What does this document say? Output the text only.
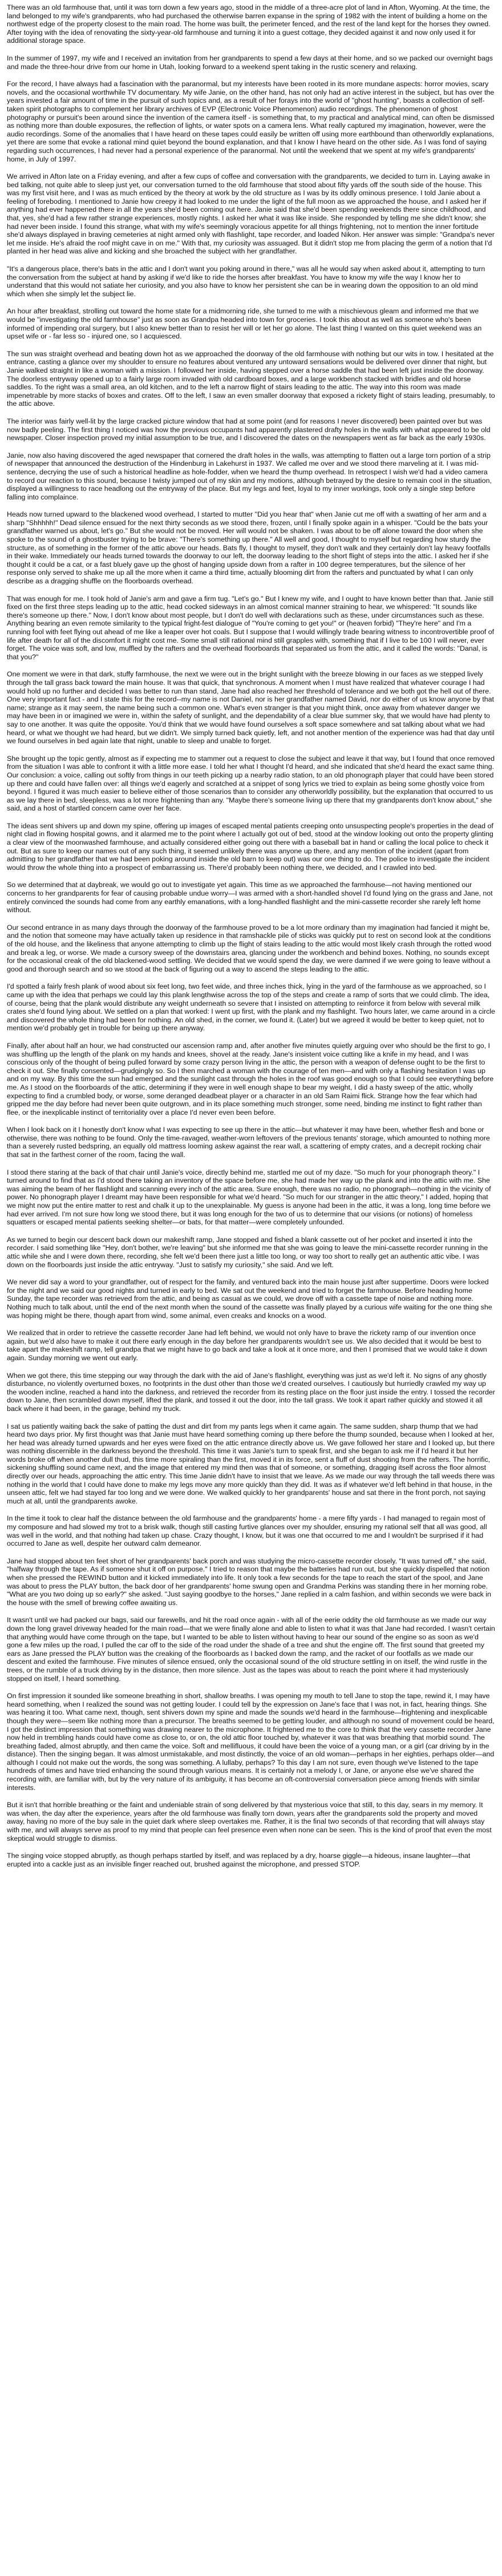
There was an old farmhouse that, until it was torn down a few years ago, stood in the middle of a three-acre plot of land in Afton, Wyoming. At the time, the land belonged to my wife's grandparents, who had purchased the otherwise barren expanse in the spring of 1982 with the intent of building a home on the northwest edge of the property closest to the main road. The home was built, the perimeter fenced, and the rest of the land kept for the horses they owned. After toying with the idea of renovating the sixty-year-old farmhouse and turning it into a guest cottage, they decided against it and now only used it for additional storage space.

In the summer of 1997, my wife and I received an invitation from her grandparents to spend a few days at their home, and so we packed our overnight bags and made the three-hour drive from our home in Utah, looking forward to a weekend spent taking in the rustic scenery and relaxing.

For the record, I have always had a fascination with the paranormal, but my interests have been rooted in its more mundane aspects: horror movies, scary novels, and the occasional worthwhile TV documentary. My wife Janie, on the other hand, has not only had an active interest in the subject, but has over the years invested a fair amount of time in the pursuit of such topics and, as a result of her forays into the world of "ghost hunting", boasts a collection of self-taken spirit photographs to complement her library archives of EVP (Electronic Voice Phenomenon) audio recordings. The phenomenon of ghost photography or pursuit's been around since the invention of the camera itself - is something that, to my practical and analytical mind, can often be dismissed as nothing more than double exposures, the reflection of lights, or water spots on a camera lens. What really captured my imagination, however, were the audio recordings. Some of the anomalies that I have heard on these tapes could easily be written off using more earthbound than otherworldly explanations, yet there are some that evoke a rational mind quiet beyond the bound explanation, and that I know I have heard on the other side. As I was fond of saying regarding such occurrences, I had never had a personal experience of the paranormal. Not until the weekend that we spent at my wife's grandparents' home, in July of 1997.

We arrived in Afton late on a Friday evening, and after a few cups of coffee and conversation with the grandparents, we decided to turn in. Laying awake in bed talking, not quite able to sleep just yet, our conversation turned to the old farmhouse that stood about fifty yards off the south side of the house. This was my first visit here, and I was as much enticed by the theory at work by the old structure as I was by its oddly ominous presence. I told Janie about a feeling of foreboding. I mentioned to Janie how creepy it had looked to me under the light of the full moon as we approached the house, and I asked her if anything had ever happened there in all the years she'd been coming out here. Janie said that she'd been spending weekends there since childhood, and that, yes, she'd had a few rather strange experiences, mostly nights. I asked her what it was like inside. She responded by telling me she didn't know; she had never been inside. I found this strange, what with my wife's seemingly voracious appetite for all things frightening, not to mention the inner fortitude she'd always displayed in braving cemeteries at night armed only with flashlight, tape recorder, and loaded Nikon. Her answer was simple: "Grandpa's never let me inside. He's afraid the roof might cave in on me." With that, my curiosity was assuaged. But it didn't stop me from placing the germ of a notion that I'd planted in her head was alive and kicking and she broached the subject with her grandfather.

"It's a dangerous place, there's bats in the attic and I don't want you poking around in there," was all he would say when asked about it, attempting to turn the conversation from the subject at hand by asking if we'd like to ride the horses after breakfast. You have to know my wife the way I know her to understand that this would not satiate her curiosity, and you also have to know her persistent she can be in wearing down the opposition to an old mind which when she simply let the subject lie.

An hour after breakfast, strolling out toward the home state for a midmorning ride, she turned to me with a mischievous gleam and informed me that we would be "investigating the old farmhouse" just as soon as Grandpa headed into town for groceries. I took this about as well as someone who's been informed of impending oral surgery, but I also knew better than to resist her will or let her go alone. The last thing I wanted on this quiet weekend was an upset wife or - far less so - injured one, so I acquiesced.

The sun was straight overhead and beating down hot as we approached the doorway of the old farmhouse with nothing but our wits in tow. I hesitated at the entrance, casting a glance over my shoulder to ensure no features about ventured any untoward sensations would be delivered over dinner that night, but Janie walked straight in like a woman with a mission. I followed her inside, having stepped over a horse saddle that had been left just inside the doorway. The doorless entryway opened up to a fairly large room invaded with old cardboard boxes, and a large workbench stacked with bridles and old horse saddles. To the right was a small area, an old kitchen, and to the left a narrow flight of stairs leading to the attic. The way into this room was made impenetrable by more stacks of boxes and crates. Off to the left, I saw an even smaller doorway that exposed a rickety flight of stairs leading, presumably, to the attic above.

The interior was fairly well-lit by the large cracked picture window that had at some point (and for reasons I never discovered) been painted over but was now badly peeling. The first thing I noticed was how the previous occupants had apparently plastered drafty holes in the walls with what appeared to be old newspaper. Closer inspection proved my initial assumption to be true, and I discovered the dates on the newspapers went as far back as the early 1930s.

Janie, now also having discovered the aged newspaper that cornered the draft holes in the walls, was attempting to flatten out a large torn portion of a strip of newspaper that announced the destruction of the Hindenburg in Lakehurst in 1937. We called me over and we stood there marveling at it. I was mid-sentence, decrying the use of such a historical headline as hole-fodder, when we heard the thump overhead. In retrospect I wish we'd had a video camera to record our reaction to this sound, because I twisty jumped out of my skin and my motions, although betrayed by the desire to remain cool in the situation, displayed a willingness to race headlong out the entryway of the place. But my legs and feet, loyal to my inner workings, took only a single step before falling into complaince.

Heads now turned upward to the blackened wood overhead, I started to mutter "Did you hear that" when Janie cut me off with a swatting of her arm and a sharp "Shhhhh!" Dead silence ensued for the next thirty seconds as we stood there, frozen, until I finally spoke again in a whisper. "Could be the bats your grandfather warned us about, let's go." But she would not be moved. Her will would not be shaken. I was about to be off alone toward the door when she spoke to the sound of a ghostbuster trying to be brave: "There's something up there." All well and good, I thought to myself but regarding how sturdy the structure, as of something in the former of the attic above our heads. Bats fly, I thought to myself, they don't walk and they certainly don't lay heavy footfalls in their wake. Immediately our heads turned towards the doorway to our left, the doorway leading to the short flight of steps into the attic. I asked her if she thought it could be a cat, or a fast bluely gave up the ghost of hanging upside down from a rafter in 100 degree temperatures, but the silence of her response only served to shake me up all the more when it came a third time, actually blooming dirt from the rafters and punctuated by what I can only describe as a dragging shuffle on the floorboards overhead.

That was enough for me. I took hold of Janie's arm and gave a firm tug. "Let's go." But I knew my wife, and I ought to have known better than that. Janie still fixed on the first three steps leading up to the attic, head cocked sideways in an almost comical manner straining to hear, we whispered: "It sounds like there's someone up there." Now, I don't know about most people, but I don't do well with declarations such as these, under circumstances such as these. Anything bearing an even remote similarity to the typical fright-fest dialogue of "You're coming to get you!" or (heaven forbid) "They're here" and I'm a running fool with feet flying out ahead of me like a leaper over hot coals. But I suppose that I would willingly trade bearing witness to incontrovertible proof of life after death for all of the discomfort it might cost me. Some small still rational mind still grapples with, something that if I live to be 100 I will never, ever forget. The voice was soft, and low, muffled by the rafters and the overhead floorboards that separated us from the attic, and it called the words: "Danal, is that you?"

One moment we were in that dark, stuffy farmhouse, the next we were out in the bright sunlight with the breeze blowing in our faces as we stepped lively through the tall grass back toward the main house. It was that quick, that synchronous. A moment when I must have realized that whatever courage I had would hold up no further and decided I was better to run than stand, Jane had also reached her threshold of tolerance and we both got the hell out of there. One very important fact - and I state this for the record--my name is not Daniel, nor is her grandfather named David, nor do either of us know anyone by that name; strange as it may seem, the name being such a common one. What's even stranger is that you might think, once away from whatever danger we may have been in or imagined we were in, within the safety of sunlight, and the dependability of a clear blue summer sky, that we would have had plenty to say to one another. It was quite the opposite. You'd think that we would have found ourselves a soft space somewhere and sat talking about what we had heard, or what we thought we had heard, but we didn't. We simply turned back quietly, left, and not another mention of the experience was had that day until we found ourselves in bed again late that night, unable to sleep and unable to forget.

She brought up the topic gently, almost as if expecting me to stammer out a request to close the subject and leave it that way, but I found that once removed from the situation I was able to confront it with a little more ease. I told her what I thought I'd heard, and she indicated that she'd heard the exact same thing. Our conclusion: a voice, calling out softly from things in our teeth picking up a nearby radio station, to an old phonograph player that could have been stored up there and could have fallen over: all things we'd eagerly and scratched at a snippet of song lyrics we tried to explain as being some ghostly voice from beyond. I figured it was much easier to believe either of those scenarios than to consider any otherworldly possibility, but the explanation that occurred to us as we lay there in bed, sleepless, was a lot more frightening than any. "Maybe there's someone living up there that my grandparents don't know about," she said, and a host of startled concern came over her face.

The ideas sent shivers up and down my spine, offering up images of escaped mental patients creeping onto unsuspecting people's properties in the dead of night clad in flowing hospital gowns, and it alarmed me to the point where I actually got out of bed, stood at the window looking out onto the property glinting a clear view of the moonwashed farmhouse, and actually considered either going out there with a baseball bat in hand or calling the local police to check it out. But as sure to keep our names out of any such thing, it seemed unlikely there was anyone up there, and any mention of the incident (apart from admitting to her grandfather that we had been poking around inside the old barn to keep out) was our one thing to do. The police to investigate the incident would throw the whole thing into a prospect of embarrassing us. There'd probably been nothing there, we decided, and I crawled into bed.

So we determined that at daybreak, we would go out to investigate yet again. This time as we approached the farmhouse—not having mentioned our concerns to her grandparents for fear of causing probable undue worry—I was armed with a short-handled shovel I'd found lying on the grass and Jane, not entirely convinced the sounds had come from any earthly emanations, with a long-handled flashlight and the mini-cassette recorder she rarely left home without.

Our second entrance in as many days through the doorway of the farmhouse proved to be a lot more ordinary than my imagination had fancied it might be, and the notion that someone may have actually taken up residence in that ramshackle pile of sticks was quickly put to rest on second look at the conditions of the old house, and the likeliness that anyone attempting to climb up the flight of stairs leading to the attic would most likely crash through the rotted wood and break a leg, or worse. We made a cursory sweep of the downstairs area, glancing under the workbench and behind boxes. Nothing, no sounds except for the occasional creak of the old blackened-wood settling. We decided that we would spend the day, we were damned if we were going to leave without a good and thorough search and so we stood at the back of figuring out a way to ascend the steps leading to the attic.

I'd spotted a fairly fresh plank of wood about six feet long, two feet wide, and three inches thick, lying in the yard of the farmhouse as we approached, so I came up with the idea that perhaps we could lay this plank lengthwise across the top of the steps and create a ramp of sorts that we could climb. The idea, of course, being that the plank would distribute any weight underneath so severe that I insisted on attempting to reinforce it from below with several milk crates she'd found lying about. We settled on a plan that worked: I went up first, with the plank and my flashlight. Two hours later, we came around in a circle and discovered the whole thing had been for nothing. An old shed, in the corner, we found it. (Later) but we agreed it would be better to keep quiet, not to mention we'd probably get in trouble for being up there anyway.

Finally, after about half an hour, we had constructed our ascension ramp and, after another five minutes quietly arguing over who should be the first to go, I was shuffling up the length of the plank on my hands and knees, shovel at the ready. Jane's insistent voice cutting like a knife in my head, and I was conscious only of the thought of being pulled forward by some crazy person living in the attic, the person with a weapon of defense ought to be the first to check it out. She finally consented—grudgingly so. So I then marched a woman with the courage of ten men—and with only a flashing hesitation I was up and on my way. By this time the sun had emerged and the sunlight cast through the holes in the roof was good enough so that I could see everything before me. As I stood on the floorboards of the attic, determining if they were in well enough shape to bear my weight, I did a hasty sweep of the attic, wholly expecting to find a crumbled body, or worse, some deranged deadbeat player or a character in an old Sam Raimi flick. Strange how the fear which had gripped me the day before had never been quite outgrown, and in its place something much stronger, some need, binding me instinct to fight rather than flee, or the inexplicable instinct of territoriality over a place I'd never even been before.

When I look back on it I honestly don't know what I was expecting to see up there in the attic—but whatever it may have been, whether flesh and bone or otherwise, there was nothing to be found. Only the time-ravaged, weather-worn leftovers of the previous tenants' storage, which amounted to nothing more than a severely rusted bedspring, an equally old mattress looming askew against the rear wall, a scattering of empty crates, and a decrepit rocking chair that sat in the farthest corner of the room, facing the wall.

I stood there staring at the back of that chair until Janie's voice, directly behind me, startled me out of my daze. "So much for your phonograph theory." I turned around to find that as I'd stood there taking an inventory of the space before me, she had made her way up the plank and into the attic with me. She was aiming the beam of her flashlight and scanning every inch of the attic area. Sure enough, there was no radio, no phonograph—nothing in the vicinity of power. No phonograph player I dreamt may have been responsible for what we'd heard. "So much for our stranger in the attic theory," I added, hoping that we might now put the entire matter to rest and chalk it up to the unexplainable. My guess is anyone had been in the attic, it was a long, long time before we had ever arrived. I'm not sure how long we stood there, but it was long enough for the two of us to determine that our visions (or notions) of homeless squatters or escaped mental patients seeking shelter—or bats, for that matter—were completely unfounded.

As we turned to begin our descent back down our makeshift ramp, Jane stopped and fished a blank cassette out of her pocket and inserted it into the recorder. I said something like "Hey, don't bother, we're leaving" but she informed me that she was going to leave the mini-cassette recorder running in the attic while she and I were down there, recording, she felt we'd been there just a little too long, or way too short to really get an authentic attic vibe. I was down on the floorboards just inside the attic entryway. "Just to satisfy my curiosity," she said. And we left.

We never did say a word to your grandfather, out of respect for the family, and ventured back into the main house just after suppertime. Doors were locked for the night and we said our good nights and turned in early to bed. We sat out the weekend and tried to forget the farmhouse. Before heading home Sunday, the tape recorder was retrieved from the attic, and being as casual as we could, we drove off with a cassette tape of noise and nothing more. Nothing much to talk about, until the end of the next month when the sound of the cassette was finally played by a curious wife waiting for the one thing she was hoping might be there, though apart from wind, some animal, even creaks and knocks on a wood.

We realized that in order to retrieve the cassette recorder Jane had left behind, we would not only have to brave the rickety ramp of our invention once again, but we'd also have to make it out there early enough in the day before her grandparents wouldn't see us. We also decided that it would be best to take apart the makeshift ramp, tell grandpa that we might have to go back and take a look at it once more, and then I promised that we would take it down again. Sunday morning we went out early.

When we got there, this time stepping our way through the dark with the aid of Jane's flashlight, everything was just as we'd left it. No signs of any ghostly disturbance, no violently overturned boxes, no footprints in the dust other than those we'd created ourselves. I cautiously but hurriedly crawled my way up the wooden incline, reached a hand into the darkness, and retrieved the recorder from its resting place on the floor just inside the entry. I tossed the recorder down to Jane, then scrambled down myself, lifted the plank, and tossed it out the door, into the tall grass. We took it apart rather quickly and stowed it all back where it had been, in the garage, behind my truck.

I sat us patiently waiting back the sake of patting the dust and dirt from my pants legs when it came again. The same sudden, sharp thump that we had heard two days prior. My first thought was that Janie must have heard something coming up there before the thump sounded, because when I looked at her, her head was already turned upwards and her eyes were fixed on the attic entrance directly above us. We gave followed her stare and I looked up, but there was nothing discernible in the darkness beyond the threshold. This time it was Janie's turn to speak first, and she began to ask me if I'd heard it but her words broke off when another dull thud, this time more spiraling than the first, moved it in its force, sent a fluff of dust shooting from the rafters. The horrific, sickening shuffling sound came next, and the image that entered my mind then was that of someone, or something, dragging itself across the floor almost directly over our heads, approaching the attic entry. This time Janie didn't have to insist that we leave. As we made our way through the tall weeds there was nothing in the world that I could have done to make my legs move any more quickly than they did. It was as if whatever we'd left behind in that house, in the unseen attic, felt we had stayed far too long and we were done. We walked quickly to her grandparents' house and sat there in the front porch, not saying much at all, until the grandparents awoke.

In the time it took to clear half the distance between the old farmhouse and the grandparents' home - a mere fifty yards - I had managed to regain most of my composure and had slowed my trot to a brisk walk, though still casting furtive glances over my shoulder, ensuring my rational self that all was good, all was well in the world, and that nothing had taken up chase. Crazy thought, I know, but it was one that occurred to me and I wouldn't be surprised if it had occurred to Jane as well, despite her outward calm demeanor.

Jane had stopped about ten feet short of her grandparents' back porch and was studying the micro-cassette recorder closely. "It was turned off," she said, "halfway through the tape. As if someone shut it off on purpose." I tried to reason that maybe the batteries had run out, but she quickly dispelled that notion when she pressed the REWIND button and it kicked immediately into life. It only took a few seconds for the tape to reach the start of the spool, and Jane was about to press the PLAY button, the back door of her grandparents' home swung open and Grandma Perkins was standing there in her morning robe. "What are you two doing up so early?" she asked. "Just saying goodbye to the horses," Jane replied in a calm fashion, and within seconds we were back in the house with the smell of brewing coffee awaiting us.

It wasn't until we had packed our bags, said our farewells, and hit the road once again - with all of the eerie oddity the old farmhouse as we made our way down the long gravel driveway headed for the main road—that we were finally alone and able to listen to what it was that Jane had recorded. I wasn't certain that anything would have come through on the tape, but I wanted to be able to listen without having to hear our sound of the engine so as soon as we'd gone a few miles up the road, I pulled the car off to the side of the road under the shade of a tree and shut the engine off. The first sound that greeted my ears as Jane pressed the PLAY button was the creaking of the floorboards as I backed down the ramp, and the racket of our footfalls as we made our descent and exited the farmhouse. Five minutes of silence ensued, only the occasional sound of the old structure settling in on itself, the wind rustle in the trees, or the rumble of a truck driving by in the distance, then more silence. Just as the tapes was about to reach the point where it had mysteriously stopped on itself, I heard something.

On first impression it sounded like someone breathing in short, shallow breaths. I was opening my mouth to tell Jane to stop the tape, rewind it, I may have heard something, when I realized the sound was not getting louder. I could tell by the expression on Jane's face that I was not, in fact, hearing things. She was hearing it too. What came next, though, sent shivers down my spine and made the sounds we'd heard in the farmhouse—frightening and inexplicable though they were—seem like nothing more than a precursor. The breaths seemed to be getting louder, and although no sound of movement could be heard, I got the distinct impression that something was drawing nearer to the microphone. It frightened me to the core to think that the very cassette recorder Jane now held in trembling hands could have come as close to, or on, the old attic floor touched by, whatever it was that was breathing that morbid sound. The breathing faded, almost abruptly, and then came the voice. Soft and mellifluous, it could have been the voice of a young man, or a girl (car driving by in the distance). Then the singing began. It was almost unmistakable, and most distinctly, the voice of an old woman—perhaps in her eighties, perhaps older—and although I could not make out the words, the song was something. A lullaby, perhaps? To this day I am not sure, even though we've listened to the tape hundreds of times and have tried enhancing the sound through various means. It is certainly not a melody I, or Jane, or anyone else we've shared the recording with, are familiar with, but by the very nature of its ambiguity, it has become an oft-controversial conversation piece among friends with similar interests.

But it isn't that horrible breathing or the faint and undeniable strain of song delivered by that mysterious voice that still, to this day, sears in my memory. It was when, the day after the experience, years after the old farmhouse was finally torn down, years after the grandparents sold the property and moved away, having no more of the buy sale in the quiet dark where sleep overtakes me. Rather, it is the final two seconds of that recording that will always stay with me, and will always serve as proof to my mind that people can feel presence even when none can be seen. This is the kind of proof that even the most skeptical would struggle to dismiss.

The singing voice stopped abruptly, as though perhaps startled by itself, and was replaced by a dry, hoarse giggle—a hideous, insane laughter—that erupted into a cackle just as an invisible finger reached out, brushed against the microphone, and pressed STOP.
